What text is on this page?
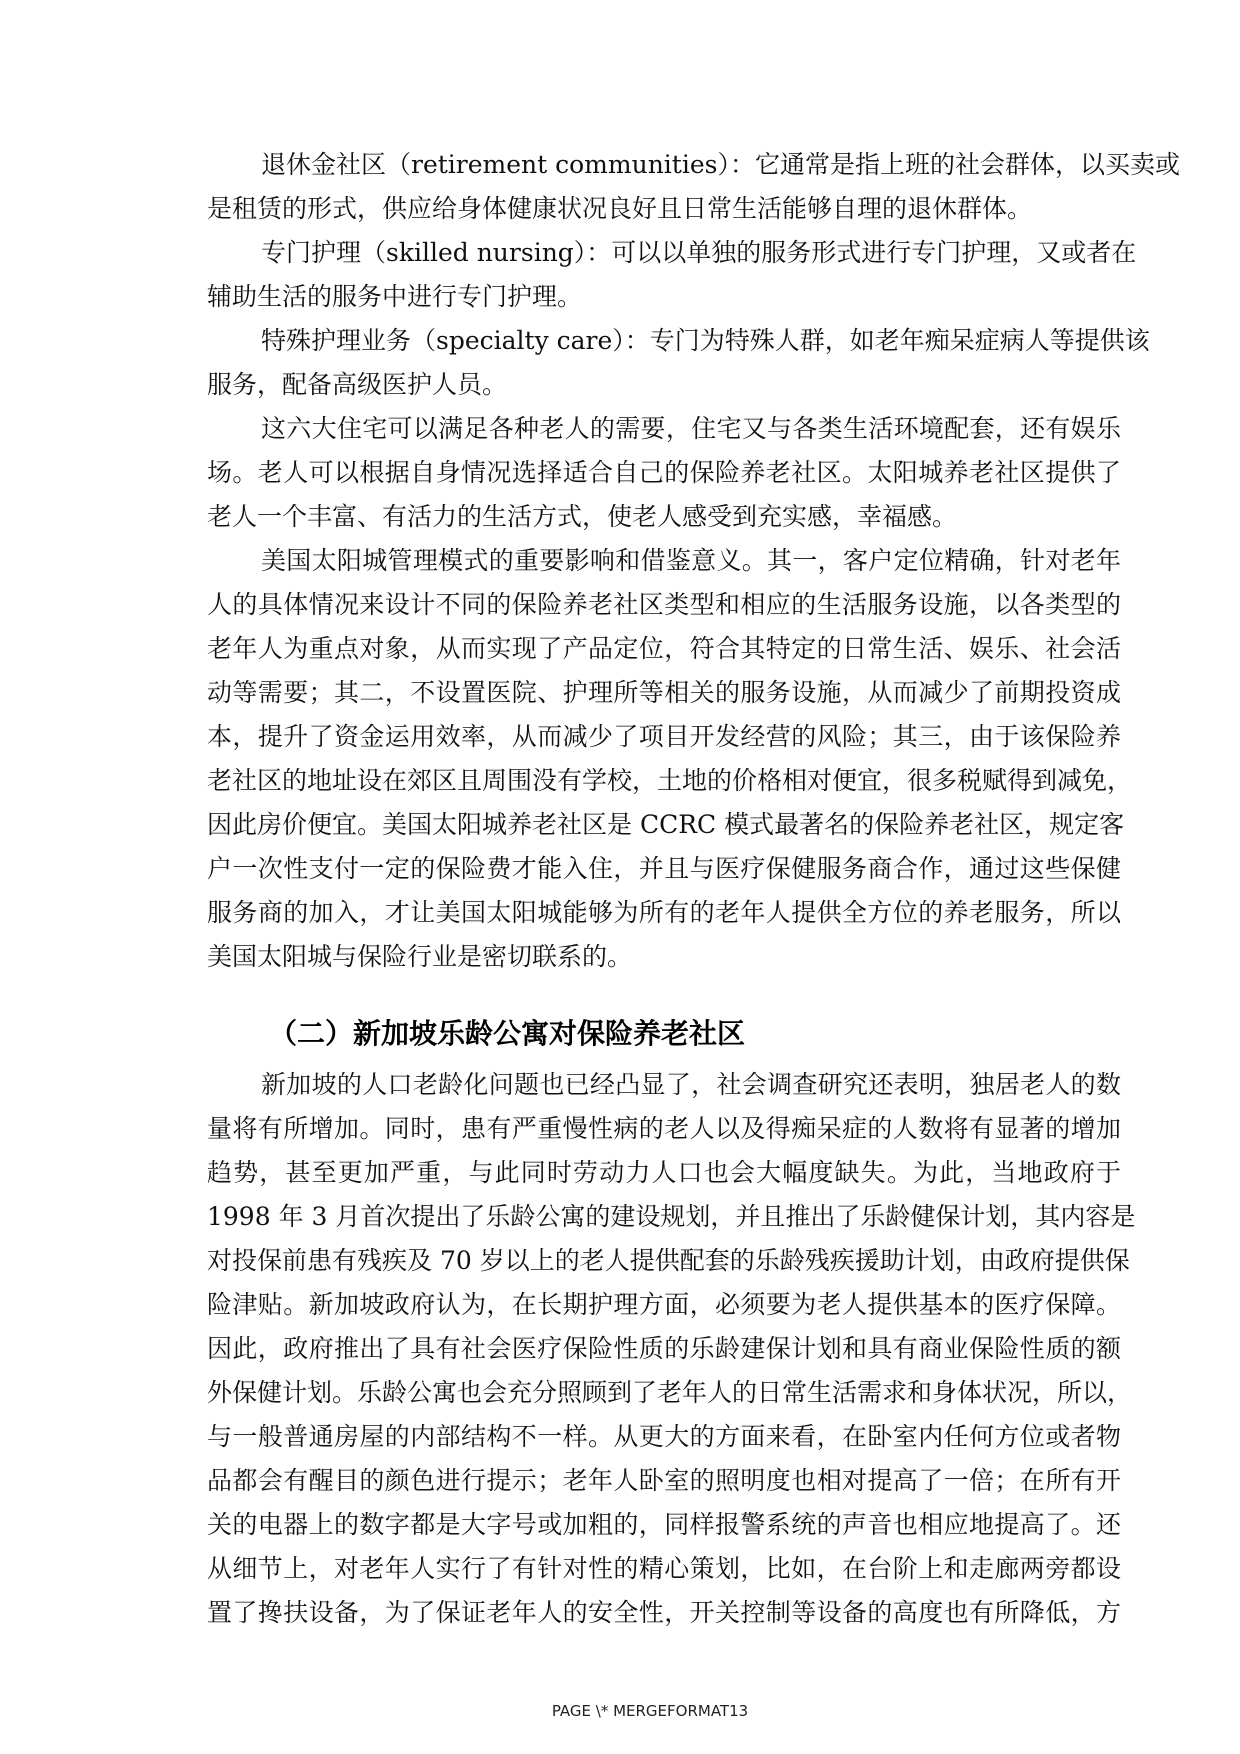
退休金社区（retirement communities）：它通常是指上班的社会群体，以买卖或
是租赁的形式，供应给身体健康状况良好且日常生活能够自理的退休群体。
专门护理（skilled nursing）：可以以单独的服务形式进行专门护理，又或者在
辅助生活的服务中进行专门护理。
特殊护理业务（specialty care）：专门为特殊人群，如老年痴呆症病人等提供该
服务，配备高级医护人员。
这六大住宅可以满足各种老人的需要，住宅又与各类生活环境配套，还有娱乐
场。老人可以根据自身情况选择适合自己的保险养老社区。太阳城养老社区提供了
老人一个丰富、有活力的生活方式，使老人感受到充实感，幸福感。
美国太阳城管理模式的重要影响和借鉴意义。其一，客户定位精确，针对老年
人的具体情况来设计不同的保险养老社区类型和相应的生活服务设施，以各类型的
老年人为重点对象，从而实现了产品定位，符合其特定的日常生活、娱乐、社会活
动等需要；其二，不设置医院、护理所等相关的服务设施，从而减少了前期投资成
本，提升了资金运用效率，从而减少了项目开发经营的风险；其三，由于该保险养
老社区的地址设在郊区且周围没有学校，土地的价格相对便宜，很多税赋得到减免，
因此房价便宜。美国太阳城养老社区是 CCRC 模式最著名的保险养老社区，规定客
户一次性支付一定的保险费才能入住，并且与医疗保健服务商合作，通过这些保健
服务商的加入，才让美国太阳城能够为所有的老年人提供全方位的养老服务，所以
美国太阳城与保险行业是密切联系的。
（二）新加坡乐龄公寓对保险养老社区
新加坡的人口老龄化问题也已经凸显了，社会调查研究还表明，独居老人的数
量将有所增加。同时，患有严重慢性病的老人以及得痴呆症的人数将有显著的增加
趋势，甚至更加严重，与此同时劳动力人口也会大幅度缺失。为此，当地政府于
1998 年 3 月首次提出了乐龄公寓的建设规划，并且推出了乐龄健保计划，其内容是
对投保前患有残疾及 70 岁以上的老人提供配套的乐龄残疾援助计划，由政府提供保
险津贴。新加坡政府认为，在长期护理方面，必须要为老人提供基本的医疗保障。
因此，政府推出了具有社会医疗保险性质的乐龄建保计划和具有商业保险性质的额
外保健计划。乐龄公寓也会充分照顾到了老年人的日常生活需求和身体状况，所以，
与一般普通房屋的内部结构不一样。从更大的方面来看，在卧室内任何方位或者物
品都会有醒目的颜色进行提示；老年人卧室的照明度也相对提高了一倍；在所有开
关的电器上的数字都是大字号或加粗的，同样报警系统的声音也相应地提高了。还
从细节上，对老年人实行了有针对性的精心策划，比如，在台阶上和走廊两旁都设
置了搀扶设备，为了保证老年人的安全性，开关控制等设备的高度也有所降低，方
PAGE \* MERGEFORMAT13
